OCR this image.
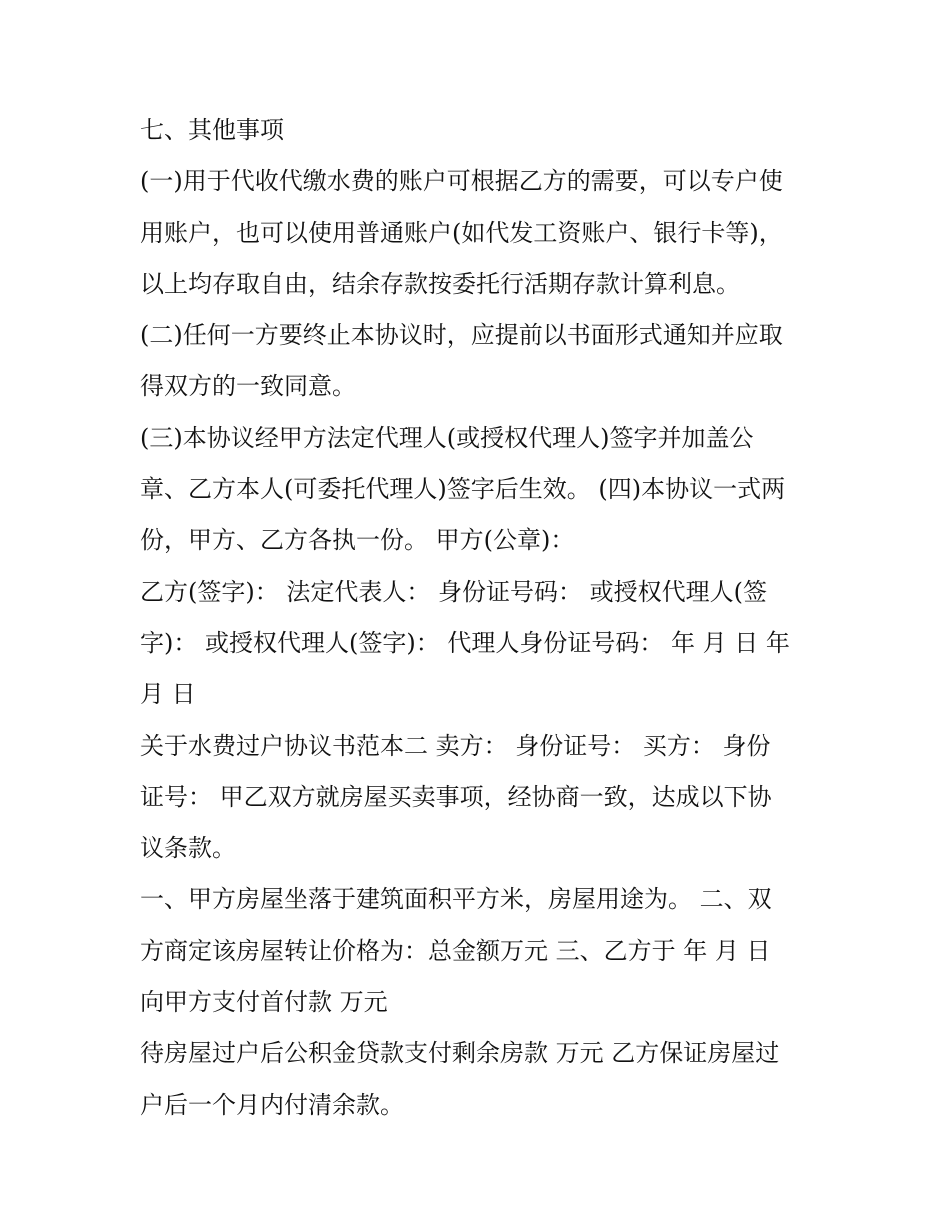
七、其他事项
(一)用于代收代缴水费的账户可根据乙方的需要，可以专户使
用账户，也可以使用普通账户(如代发工资账户、银行卡等)，
以上均存取自由，结余存款按委托行活期存款计算利息。
(二)任何一方要终止本协议时，应提前以书面形式通知并应取
得双方的一致同意。
(三)本协议经甲方法定代理人(或授权代理人)签字并加盖公
章、乙方本人(可委托代理人)签字后生效。 (四)本协议一式两
份，甲方、乙方各执一份。 甲方(公章)：
乙方(签字)： 法定代表人： 身份证号码： 或授权代理人(签
字)： 或授权代理人(签字)： 代理人身份证号码： 年 月 日 年
月 日
关于水费过户协议书范本二 卖方： 身份证号： 买方： 身份
证号： 甲乙双方就房屋买卖事项，经协商一致，达成以下协
议条款。
一、甲方房屋坐落于建筑面积平方米，房屋用途为。 二、双
方商定该房屋转让价格为：总金额万元 三、乙方于 年 月 日
向甲方支付首付款 万元
待房屋过户后公积金贷款支付剩余房款 万元 乙方保证房屋过
户后一个月内付清余款。
